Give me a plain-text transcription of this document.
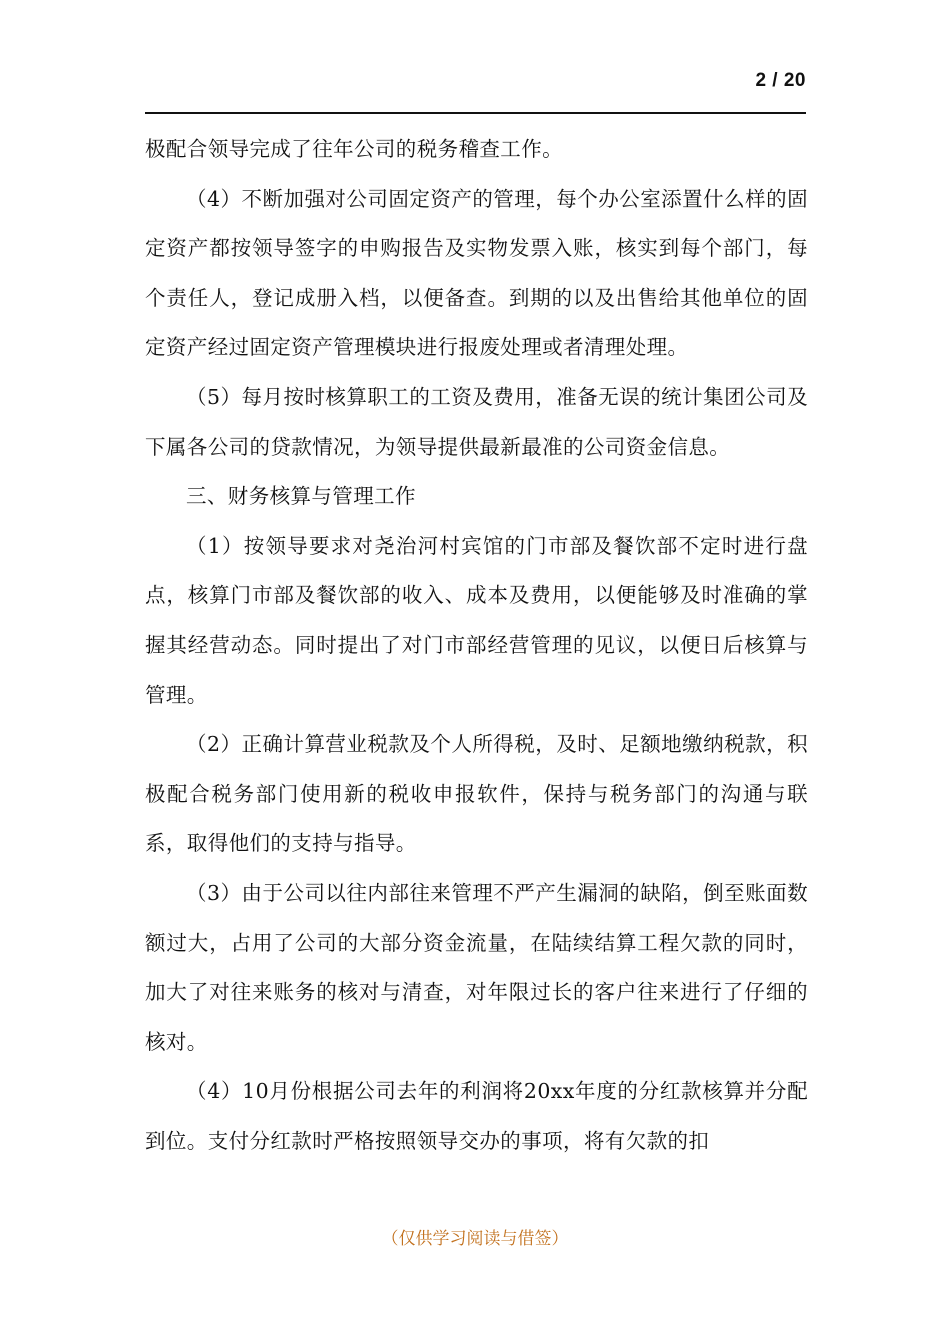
2 / 20

极配合领导完成了往年公司的税务稽查工作。

（4）不断加强对公司固定资产的管理，每个办公室添置什么样的固定资产都按领导签字的申购报告及实物发票入账，核实到每个部门，每个责任人，登记成册入档，以便备查。到期的以及出售给其他单位的固定资产经过固定资产管理模块进行报废处理或者清理处理。

（5）每月按时核算职工的工资及费用，准备无误的统计集团公司及下属各公司的贷款情况，为领导提供最新最准的公司资金信息。

三、财务核算与管理工作

（1）按领导要求对尧治河村宾馆的门市部及餐饮部不定时进行盘点，核算门市部及餐饮部的收入、成本及费用，以便能够及时准确的掌握其经营动态。同时提出了对门市部经营管理的见议，以便日后核算与管理。

（2）正确计算营业税款及个人所得税，及时、足额地缴纳税款，积极配合税务部门使用新的税收申报软件，保持与税务部门的沟通与联系，取得他们的支持与指导。

（3）由于公司以往内部往来管理不严产生漏洞的缺陷，倒至账面数额过大，占用了公司的大部分资金流量，在陆续结算工程欠款的同时，加大了对往来账务的核对与清查，对年限过长的客户往来进行了仔细的核对。

（4）10月份根据公司去年的利润将20xx年度的分红款核算并分配到位。支付分红款时严格按照领导交办的事项，将有欠款的扣

（仅供学习阅读与借签）
